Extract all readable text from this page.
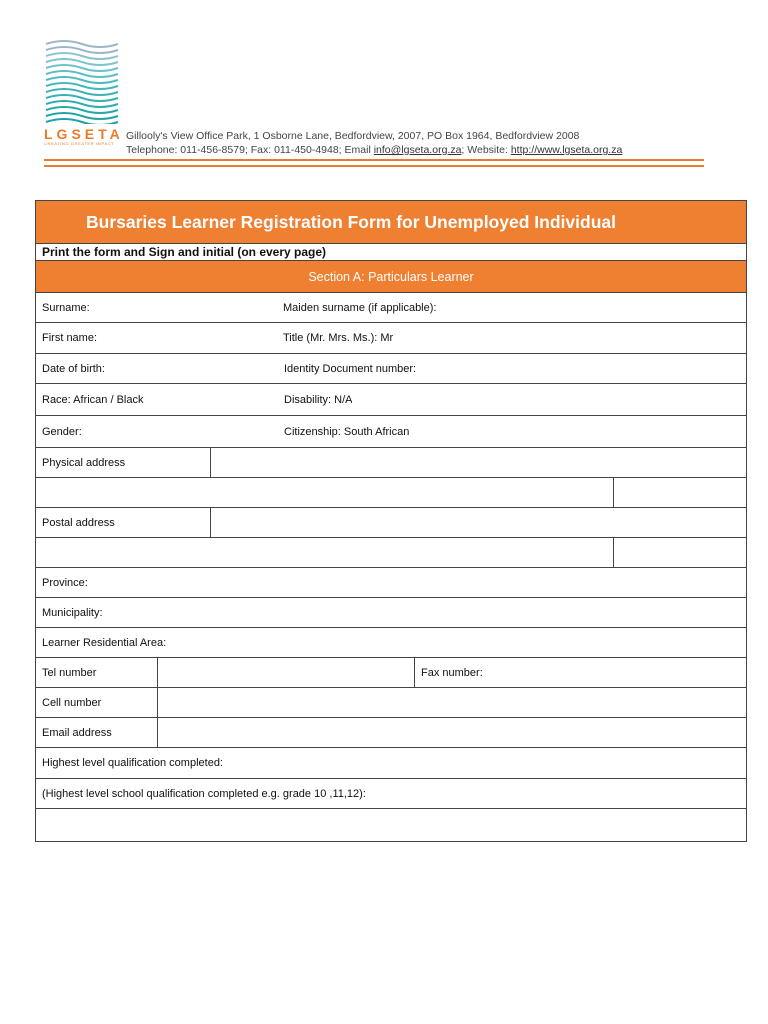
LGSETA
CREATING GREATER IMPACT
Gillooly's View Office Park, 1 Osborne Lane, Bedfordview, 2007, PO Box 1964, Bedfordview 2008
Telephone: 011-456-8579; Fax: 011-450-4948; Email info@lgseta.org.za; Website: http://www.lgseta.org.za
Bursaries Learner Registration Form for Unemployed Individual
Print the form and Sign and initial (on every page)
Section A: Particulars Learner
Surname:	Maiden surname (if applicable):
First name:	Title (Mr. Mrs. Ms.): Mr
Date of birth:	Identity Document number:
Race: African / Black	Disability: N/A
Gender:	Citizenship: South African
Physical address
Postal address
Province:
Municipality:
Learner Residential Area:
Tel number	Fax number:
Cell number
Email address
Highest level qualification completed:
(Highest level school qualification completed e.g. grade 10 ,11,12):
